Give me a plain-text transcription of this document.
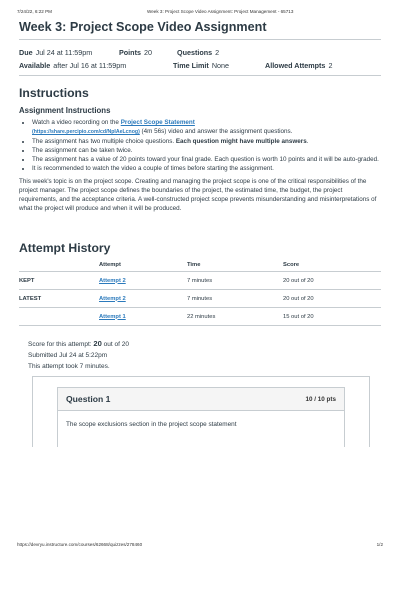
7/24/22, 6:22 PM	Week 3: Project Scope Video Assignment: Project Management - 65713
Week 3: Project Scope Video Assignment
Due Jul 24 at 11:59pm	Points 20	Questions 2
Available after Jul 16 at 11:59pm	Time Limit None	Allowed Attempts 2
Instructions
Assignment Instructions
• Watch a video recording on the Project Scope Statement
(https://share.percipio.com/cd/NpIAeLcnog) (4m 56s) video and answer the assignment questions.
• The assignment has two multiple choice questions. Each question might have multiple answers.
• The assignment can be taken twice.
• The assignment has a value of 20 points toward your final grade. Each question is worth 10 points and it will be auto-graded.
• It is recommended to watch the video a couple of times before starting the assignment.

This week's topic is on the project scope. Creating and managing the project scope is one of the critical responsibilities of the project manager. The project scope defines the boundaries of the project, the estimated time, the budget, the project requirements, and the acceptance criteria. A well-constructed project scope prevents misunderstanding and misinterpretations of what the project will produce and when it will be produced.

Attempt History
	Attempt	Time	Score
KEPT	Attempt 2	7 minutes	20 out of 20
LATEST	Attempt 2	7 minutes	20 out of 20
	Attempt 1	22 minutes	15 out of 20
Score for this attempt: 20 out of 20
Submitted Jul 24 at 5:22pm
This attempt took 7 minutes.
Question 1	10 / 10 pts
The scope exclusions section in the project scope statement
https://devryu.instructure.com/courses/62668/quizzes/278460	1/2
